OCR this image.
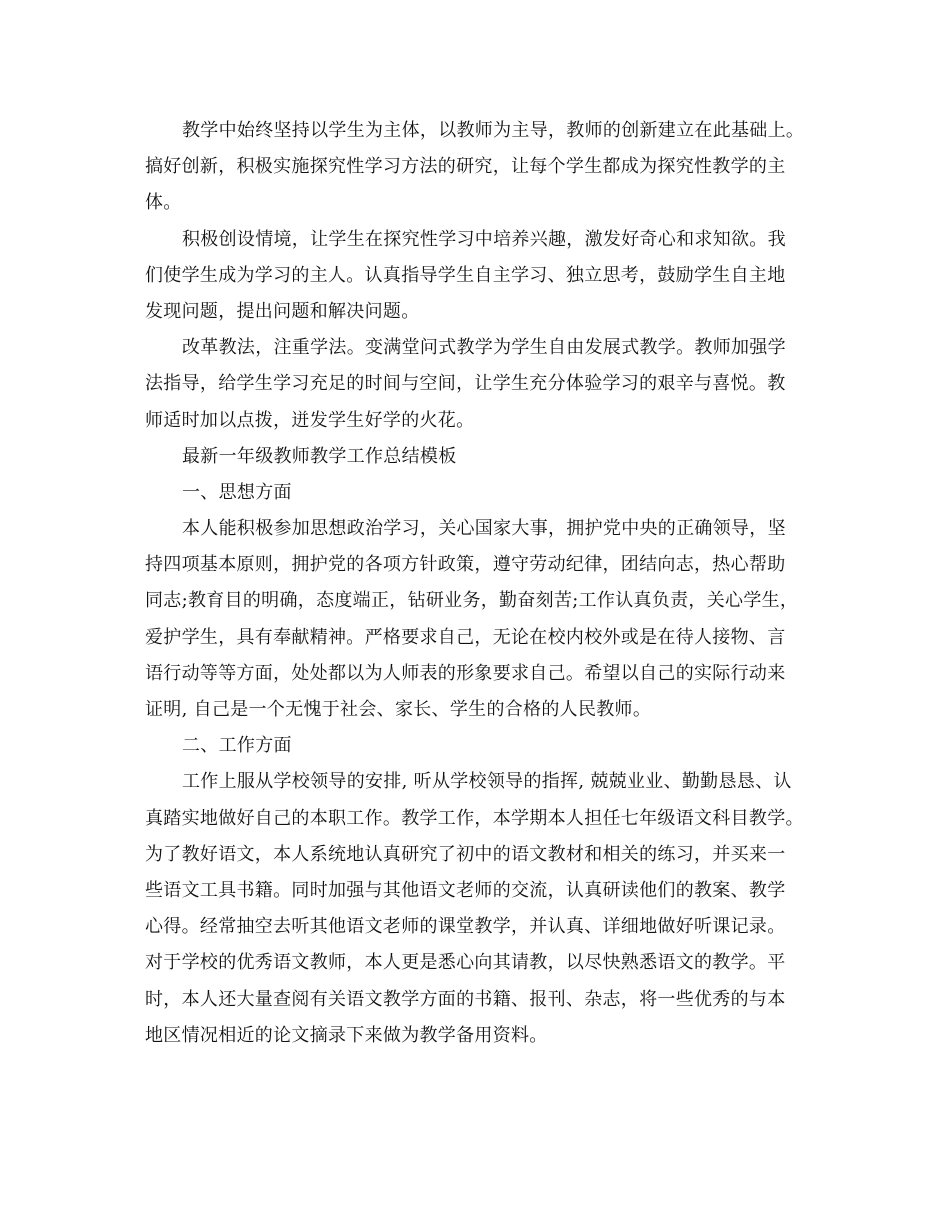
教学中始终坚持以学生为主体，以教师为主导，教师的创新建立在此基础上。
搞好创新，积极实施探究性学习方法的研究，让每个学生都成为探究性教学的主
体。
积极创设情境，让学生在探究性学习中培养兴趣，激发好奇心和求知欲。我
们使学生成为学习的主人。认真指导学生自主学习、独立思考，鼓励学生自主地
发现问题，提出问题和解决问题。
改革教法，注重学法。变满堂问式教学为学生自由发展式教学。教师加强学
法指导，给学生学习充足的时间与空间，让学生充分体验学习的艰辛与喜悦。教
师适时加以点拨，迸发学生好学的火花。
最新一年级教师教学工作总结模板
一、思想方面
本人能积极参加思想政治学习，关心国家大事，拥护党中央的正确领导，坚
持四项基本原则，拥护党的各项方针政策，遵守劳动纪律，团结向志，热心帮助
同志;教育目的明确，态度端正，钻研业务，勤奋刻苦;工作认真负责，关心学生，
爱护学生，具有奉献精神。严格要求自己，无论在校内校外或是在待人接物、言
语行动等等方面，处处都以为人师表的形象要求自己。希望以自己的实际行动来
证明, 自己是一个无愧于社会、家长、学生的合格的人民教师。
二、工作方面
工作上服从学校领导的安排, 听从学校领导的指挥, 兢兢业业、勤勤恳恳、认
真踏实地做好自己的本职工作。教学工作，本学期本人担任七年级语文科目教学。
为了教好语文，本人系统地认真研究了初中的语文教材和相关的练习，并买来一
些语文工具书籍。同时加强与其他语文老师的交流，认真研读他们的教案、教学
心得。经常抽空去听其他语文老师的课堂教学，并认真、详细地做好听课记录。
对于学校的优秀语文教师，本人更是悉心向其请教，以尽快熟悉语文的教学。平
时，本人还大量查阅有关语文教学方面的书籍、报刊、杂志，将一些优秀的与本
地区情况相近的论文摘录下来做为教学备用资料。
